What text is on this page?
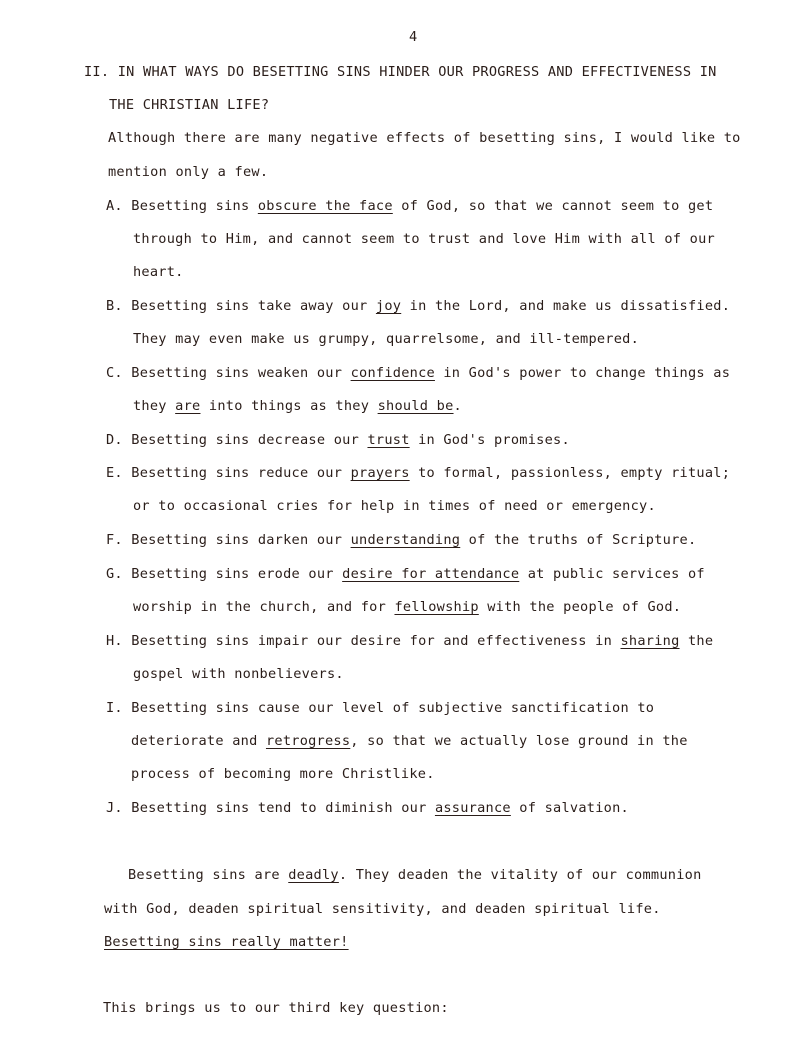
4
II. IN WHAT WAYS DO BESETTING SINS HINDER OUR PROGRESS AND EFFECTIVENESS IN
THE CHRISTIAN LIFE?
Although there are many negative effects of besetting sins, I would like to
mention only a few.
A. Besetting sins obscure the face of God, so that we cannot seem to get
through to Him, and cannot seem to trust and love Him with all of our
heart.
B. Besetting sins take away our joy in the Lord, and make us dissatisfied.
They may even make us grumpy, quarrelsome, and ill-tempered.
C. Besetting sins weaken our confidence in God's power to change things as
they are into things as they should be.
D. Besetting sins decrease our trust in God's promises.
E. Besetting sins reduce our prayers to formal, passionless, empty ritual;
or to occasional cries for help in times of need or emergency.
F. Besetting sins darken our understanding of the truths of Scripture.
G. Besetting sins erode our desire for attendance at public services of
worship in the church, and for fellowship with the people of God.
H. Besetting sins impair our desire for and effectiveness in sharing the
gospel with nonbelievers.
I. Besetting sins cause our level of subjective sanctification to
deteriorate and retrogress, so that we actually lose ground in the
process of becoming more Christlike.
J. Besetting sins tend to diminish our assurance of salvation.
Besetting sins are deadly. They deaden the vitality of our communion
with God, deaden spiritual sensitivity, and deaden spiritual life.
Besetting sins really matter!
This brings us to our third key question:
